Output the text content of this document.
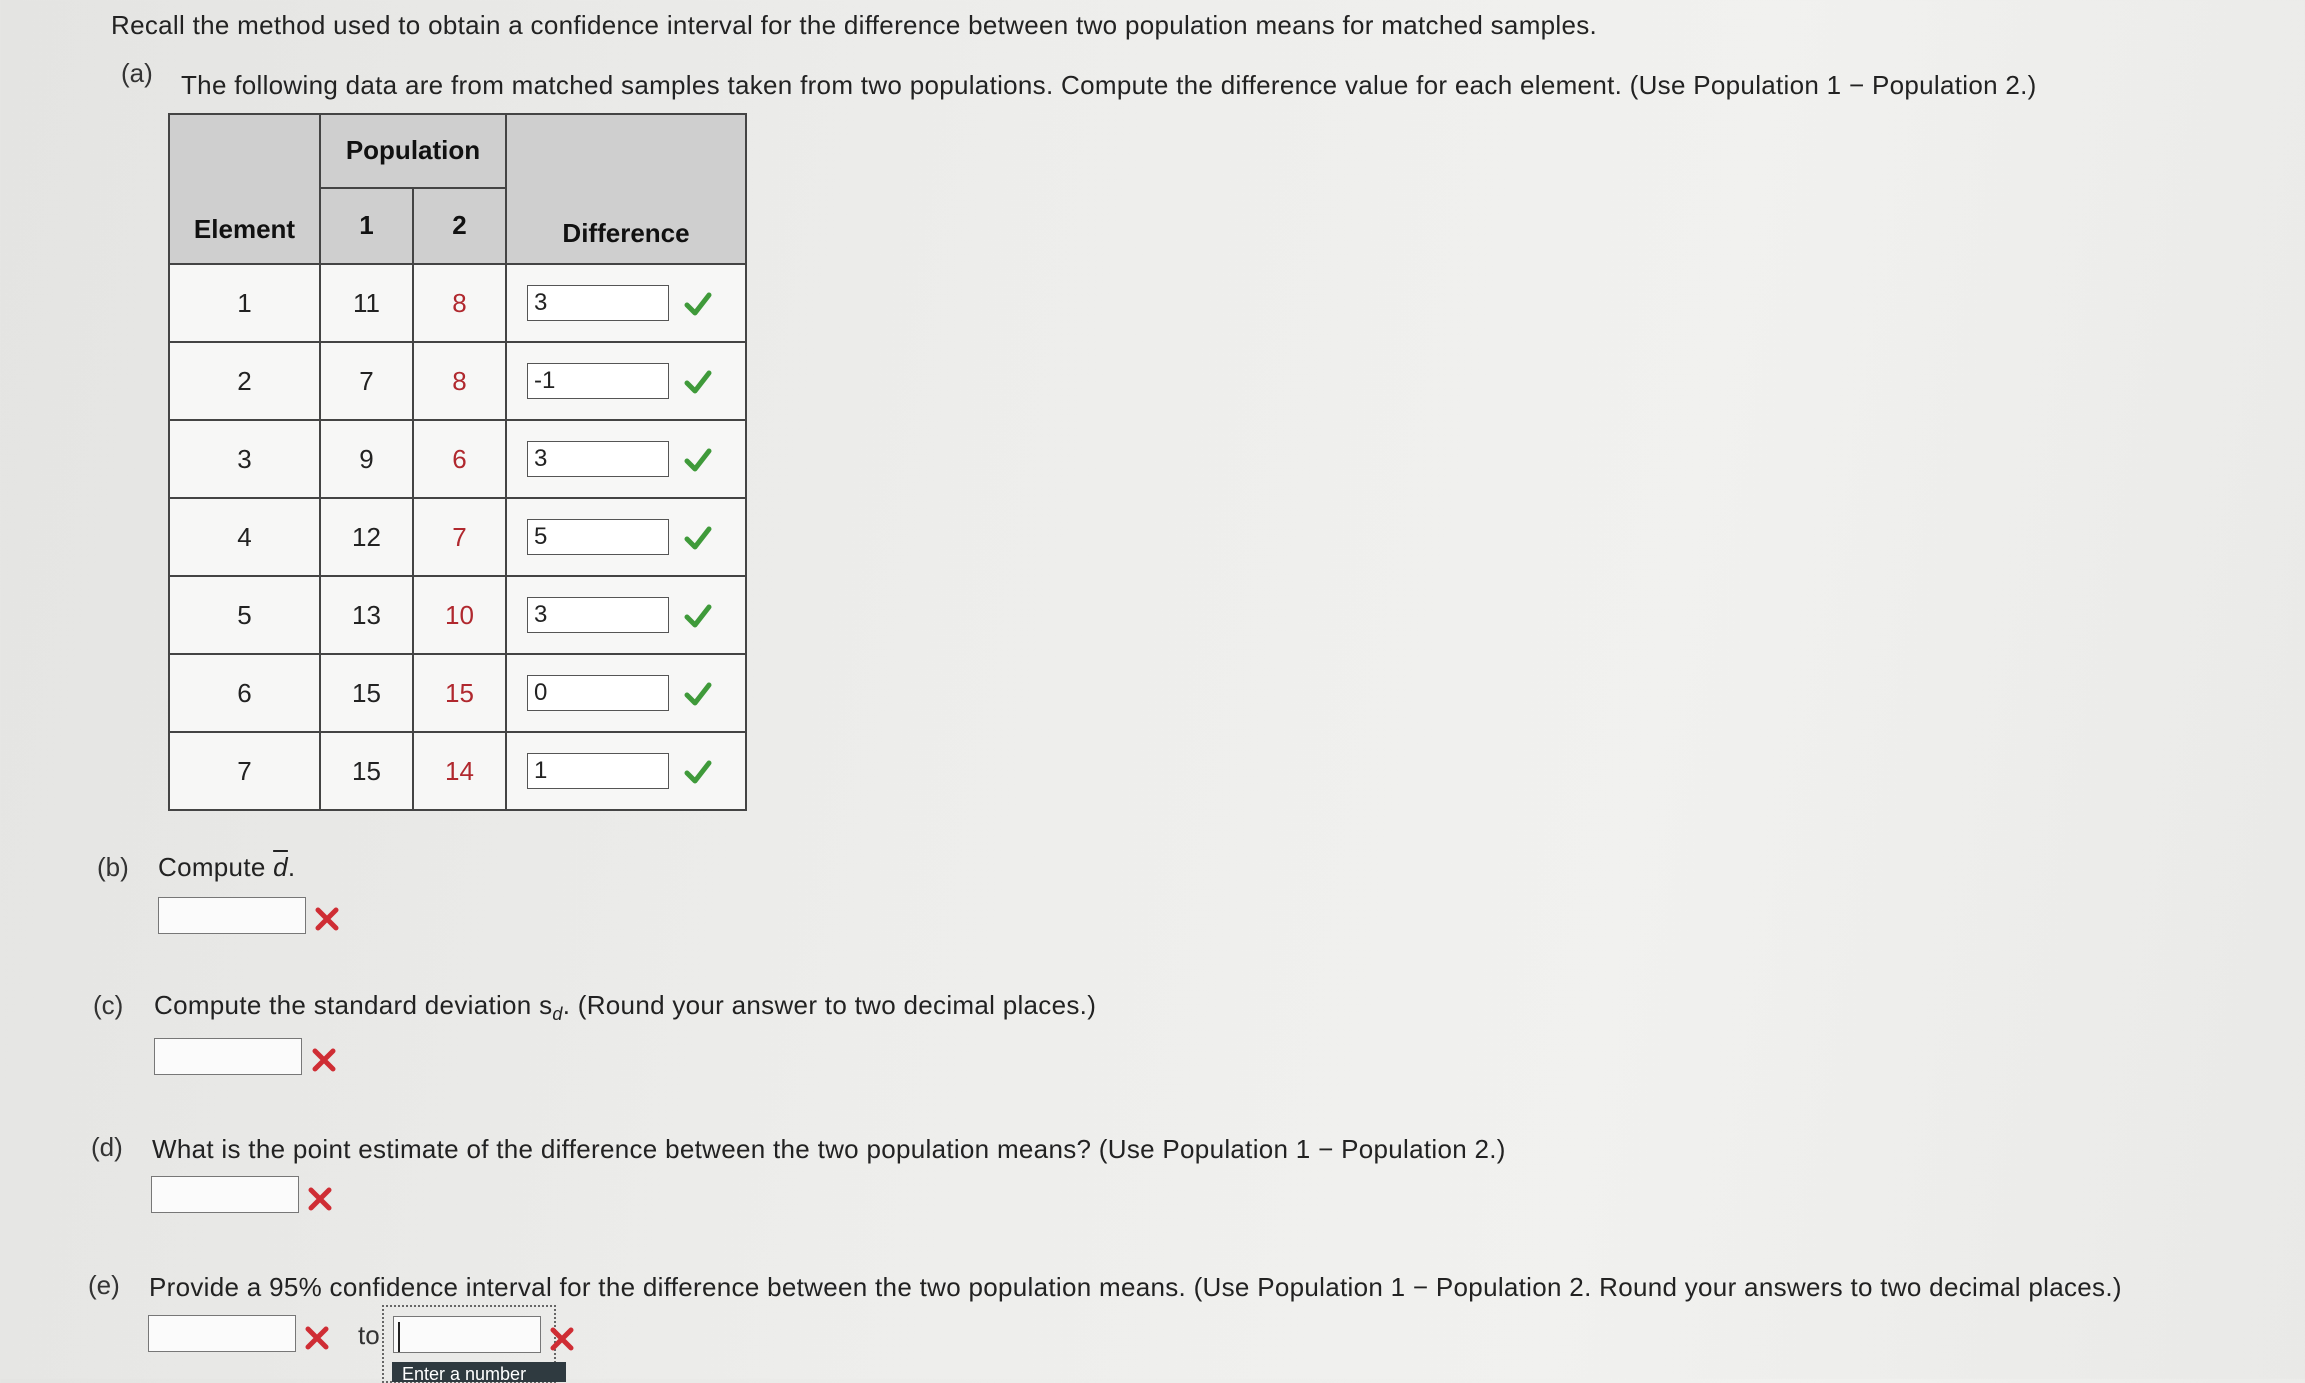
Recall the method used to obtain a confidence interval for the difference between two population means for matched samples.
(a) The following data are from matched samples taken from two populations. Compute the difference value for each element. (Use Population 1 − Population 2.)
Element	Population		Difference
	1	2	
1	11	8	3

2	7	8	-1

3	9	6	3

4	12	7	5

5	13	10	3

6	15	15	0

7	15	14	1
(b) Compute $\overline{d}$.
(c) Compute the standard deviation $s_d$. (Round your answer to two decimal places.)
(d) What is the point estimate of the difference between the two population means? (Use Population 1 − Population 2.)
(e) Provide a 95% confidence interval for the difference between the two population means. (Use Population 1 − Population 2. Round your answers to two decimal places.)
to
Enter a number
